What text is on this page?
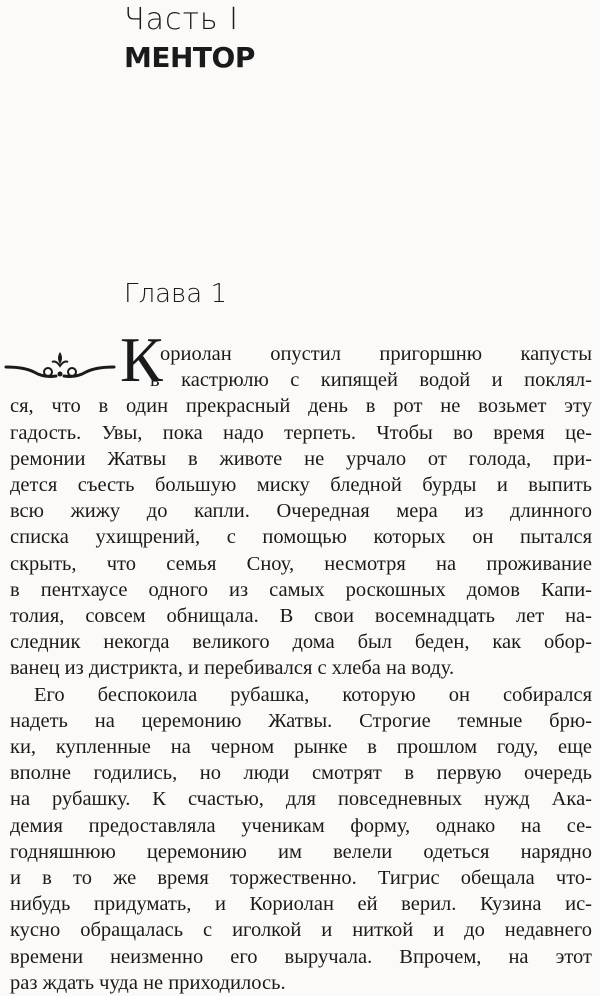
Часть I
МЕНТОР
Глава 1
К
ориолан опустил пригоршню капусты
в кастрюлю с кипящей водой и поклял-
ся, что в один прекрасный день в рот не возьмет эту
гадость. Увы, пока надо терпеть. Чтобы во время це-
ремонии Жатвы в животе не урчало от голода, при-
дется съесть большую миску бледной бурды и выпить
всю жижу до капли. Очередная мера из длинного
списка ухищрений, с помощью которых он пытался
скрыть, что семья Сноу, несмотря на проживание
в пентхаусе одного из самых роскошных домов Капи-
толия, совсем обнищала. В свои восемнадцать лет на-
следник некогда великого дома был беден, как обор-
ванец из дистрикта, и перебивался с хлеба на воду.
Его беспокоила рубашка, которую он собирался
надеть на церемонию Жатвы. Строгие темные брю-
ки, купленные на черном рынке в прошлом году, еще
вполне годились, но люди смотрят в первую очередь
на рубашку. К счастью, для повседневных нужд Ака-
демия предоставляла ученикам форму, однако на се-
годняшнюю церемонию им велели одеться нарядно
и в то же время торжественно. Тигрис обещала что-
нибудь придумать, и Кориолан ей верил. Кузина ис-
кусно обращалась с иголкой и ниткой и до недавнего
времени неизменно его выручала. Впрочем, на этот
раз ждать чуда не приходилось.
